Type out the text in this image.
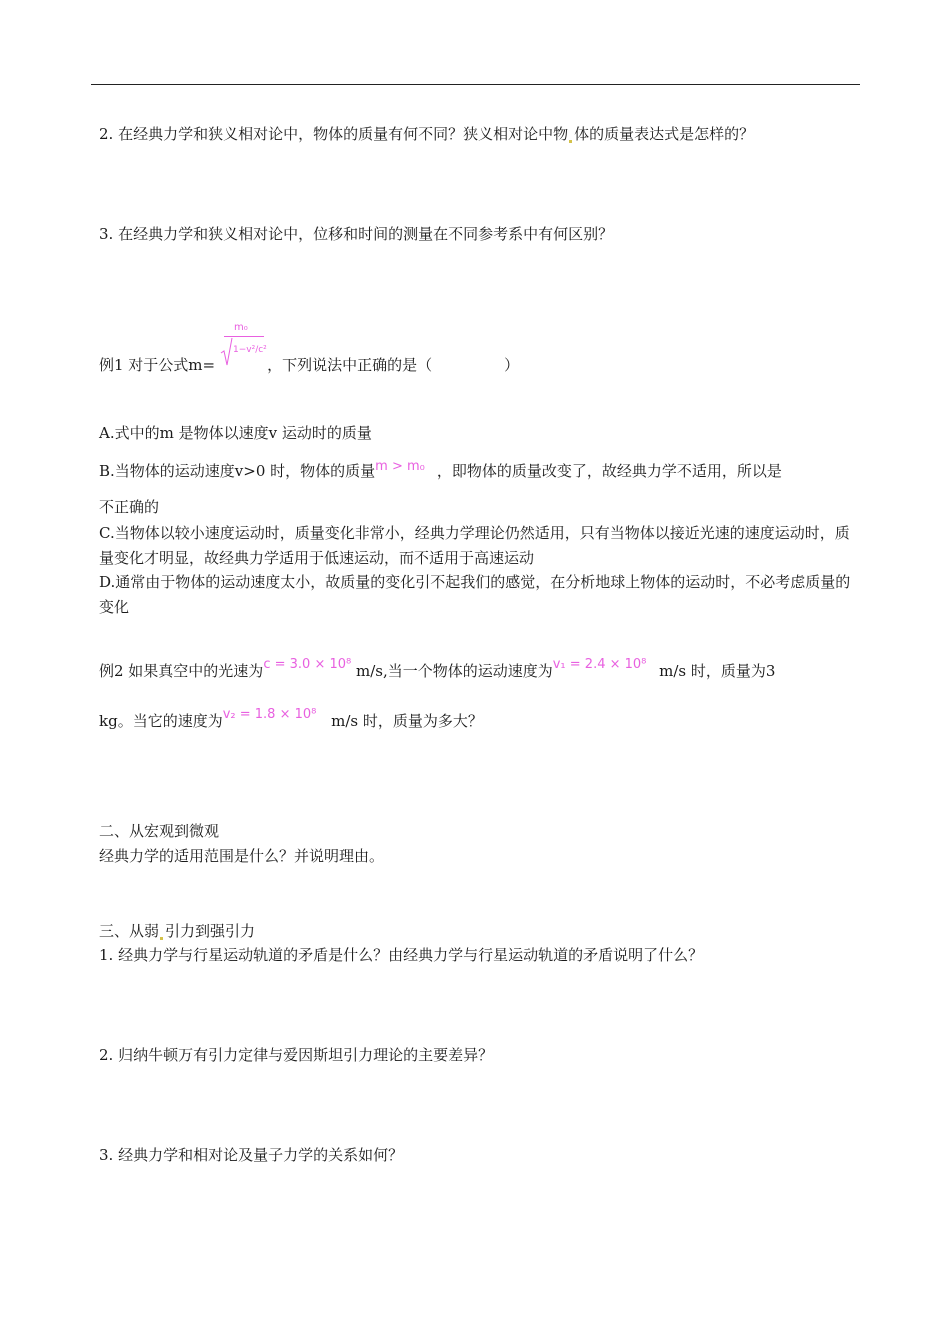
2. 在经典力学和狭义相对论中，物体的质量有何不同？狭义相对论中物 体的质量表达式是怎样的？
3. 在经典力学和狭义相对论中，位移和时间的测量在不同参考系中有何区别？
m₀
1−v²/c²
例1 对于公式m=	，下列说法中正确的是（	）
A.式中的m 是物体以速度v 运动时的质量
B.当物体的运动速度v>0 时，物体的质量m > m₀ ，即物体的质量改变了，故经典力学不适用，所以是
不正确的
C.当物体以较小速度运动时，质量变化非常小，经典力学理论仍然适用，只有当物体以接近光速的速度运动时，质量变化才明显，故经典力学适用于低速运动，而不适用于高速运动
D.通常由于物体的运动速度太小，故质量的变化引不起我们的感觉，在分析地球上物体的运动时，不必考虑质量的变化
例2 如果真空中的光速为c = 3.0 × 10⁸ m/s,当一个物体的运动速度为v₁ = 2.4 × 10⁸ m/s 时，质量为3
kg。当它的速度为v₂ = 1.8 × 10⁸ m/s 时，质量为多大？
二、从宏观到微观
经典力学的适用范围是什么？并说明理由。
三、从弱 引力到强引力
1. 经典力学与行星运动轨道的矛盾是什么？由经典力学与行星运动轨道的矛盾说明了什么？
2. 归纳牛顿万有引力定律与爱因斯坦引力理论的主要差异？
3. 经典力学和相对论及量子力学的关系如何？
